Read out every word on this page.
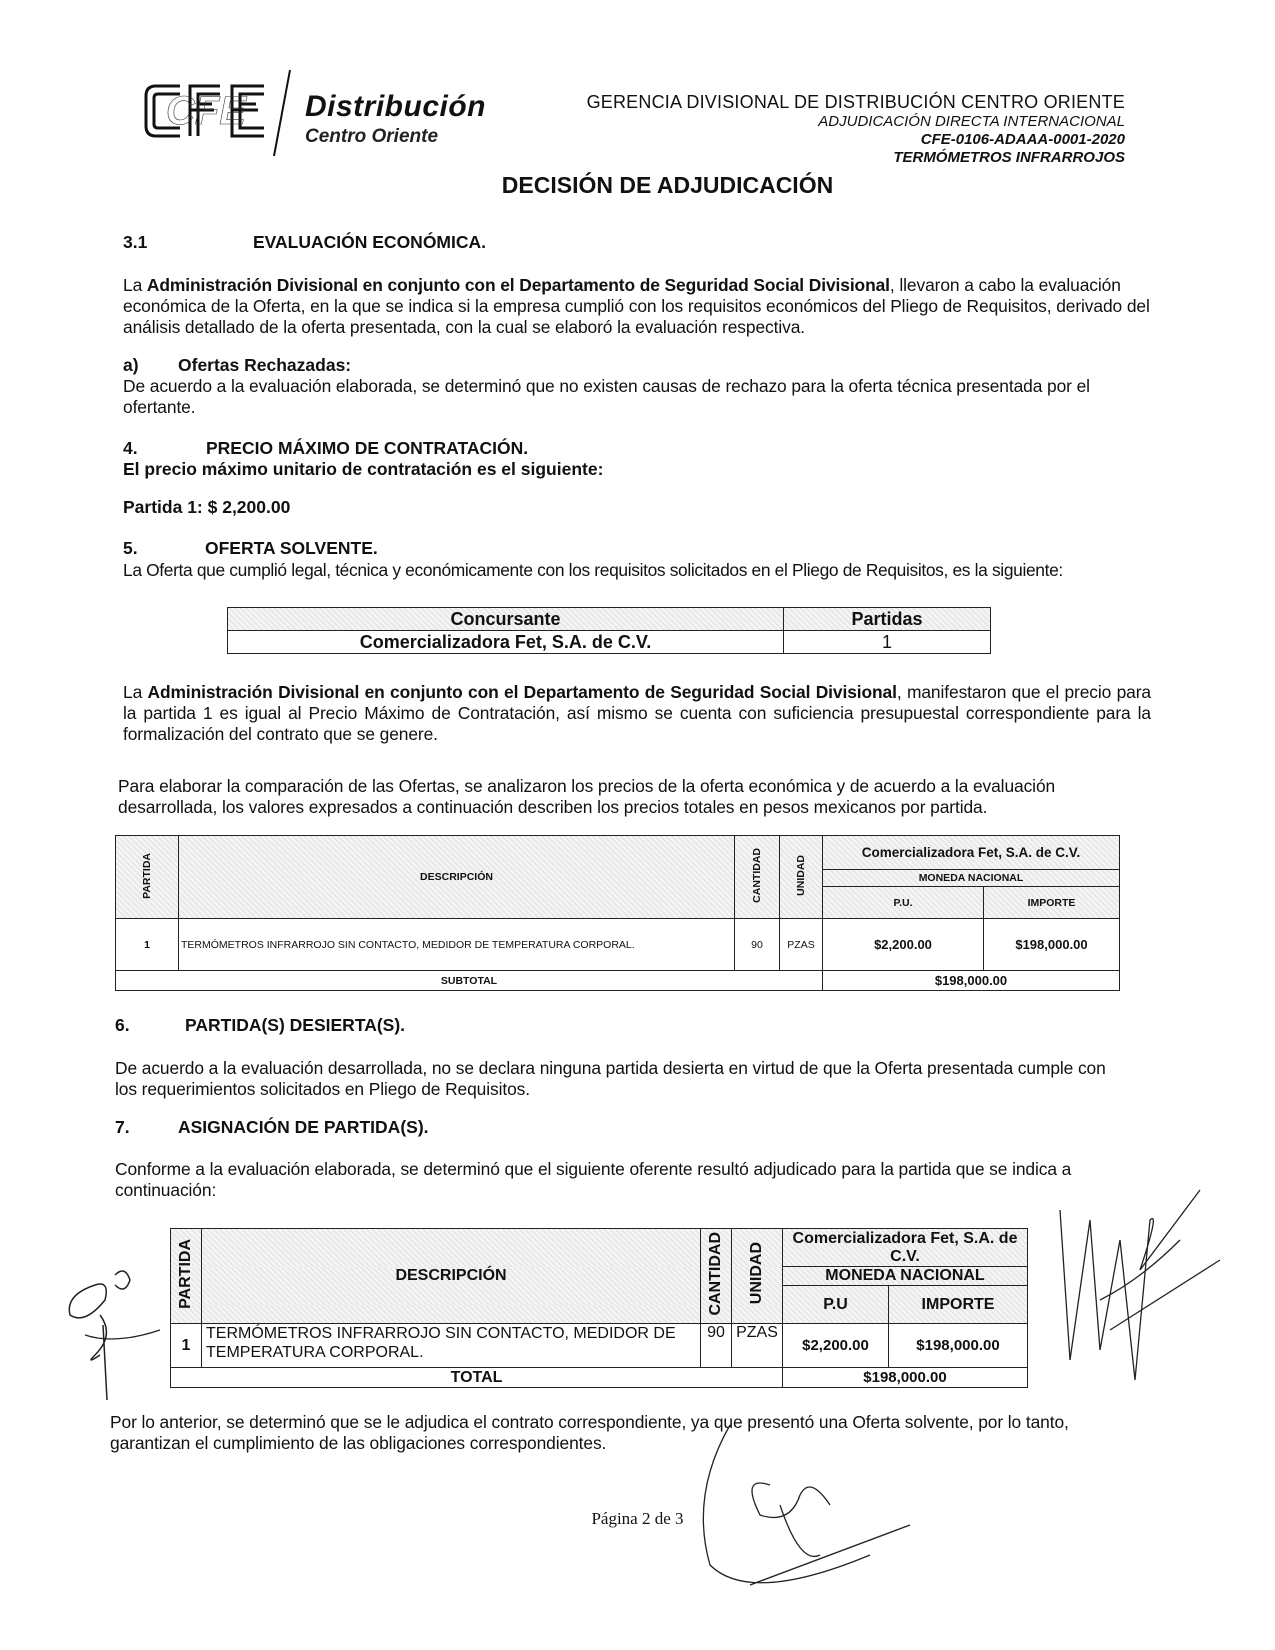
CFE Distribución
Centro Oriente
GERENCIA DIVISIONAL DE DISTRIBUCIÓN CENTRO ORIENTE
ADJUDICACIÓN DIRECTA INTERNACIONAL
CFE-0106-ADAAA-0001-2020
TERMÓMETROS INFRARROJOS
DECISIÓN DE ADJUDICACIÓN
3.1	EVALUACIÓN ECONÓMICA.
La Administración Divisional en conjunto con el Departamento de Seguridad Social Divisional, llevaron a cabo la evaluación económica de la Oferta, en la que se indica si la empresa cumplió con los requisitos económicos del Pliego de Requisitos, derivado del análisis detallado de la oferta presentada, con la cual se elaboró la evaluación respectiva.
a) Ofertas Rechazadas:
De acuerdo a la evaluación elaborada, se determinó que no existen causas de rechazo para la oferta técnica presentada por el ofertante.
4.	PRECIO MÁXIMO DE CONTRATACIÓN.
El precio máximo unitario de contratación es el siguiente:
Partida 1: $ 2,200.00
5.	OFERTA SOLVENTE.
La Oferta que cumplió legal, técnica y económicamente con los requisitos solicitados en el Pliego de Requisitos, es la siguiente:
Concursante	Partidas
Comercializadora Fet, S.A. de C.V.	1
La Administración Divisional en conjunto con el Departamento de Seguridad Social Divisional, manifestaron que el precio para la partida 1 es igual al Precio Máximo de Contratación, así mismo se cuenta con suficiencia presupuestal correspondiente para la formalización del contrato que se genere.
Para elaborar la comparación de las Ofertas, se analizaron los precios de la oferta económica y de acuerdo a la evaluación desarrollada, los valores expresados a continuación describen los precios totales en pesos mexicanos por partida.
PARTIDA	DESCRIPCIÓN	CANTIDAD	UNIDAD	Comercializadora Fet, S.A. de C.V.	
				MONEDA NACIONAL	
				P.U.	IMPORTE
1	TERMÓMETROS INFRARROJO SIN CONTACTO, MEDIDOR DE TEMPERATURA CORPORAL.	90	PZAS	$2,200.00	$198,000.00
SUBTOTAL				$198,000.00	
6.	PARTIDA(S) DESIERTA(S).
De acuerdo a la evaluación desarrollada, no se declara ninguna partida desierta en virtud de que la Oferta presentada cumple con los requerimientos solicitados en Pliego de Requisitos.
7.	ASIGNACIÓN DE PARTIDA(S).
Conforme a la evaluación elaborada, se determinó que el siguiente oferente resultó adjudicado para la partida que se indica a continuación:
PARTIDA	DESCRIPCIÓN	CANTIDAD	UNIDAD	Comercializadora Fet, S.A. de C.V.	
				MONEDA NACIONAL	
				P.U	IMPORTE
1	TERMÓMETROS INFRARROJO SIN CONTACTO, MEDIDOR DE TEMPERATURA CORPORAL.	90	PZAS	$2,200.00	$198,000.00
TOTAL				$198,000.00	
Por lo anterior, se determinó que se le adjudica el contrato correspondiente, ya que presentó una Oferta solvente, por lo tanto, garantizan el cumplimiento de las obligaciones correspondientes.
Página 2 de 3
